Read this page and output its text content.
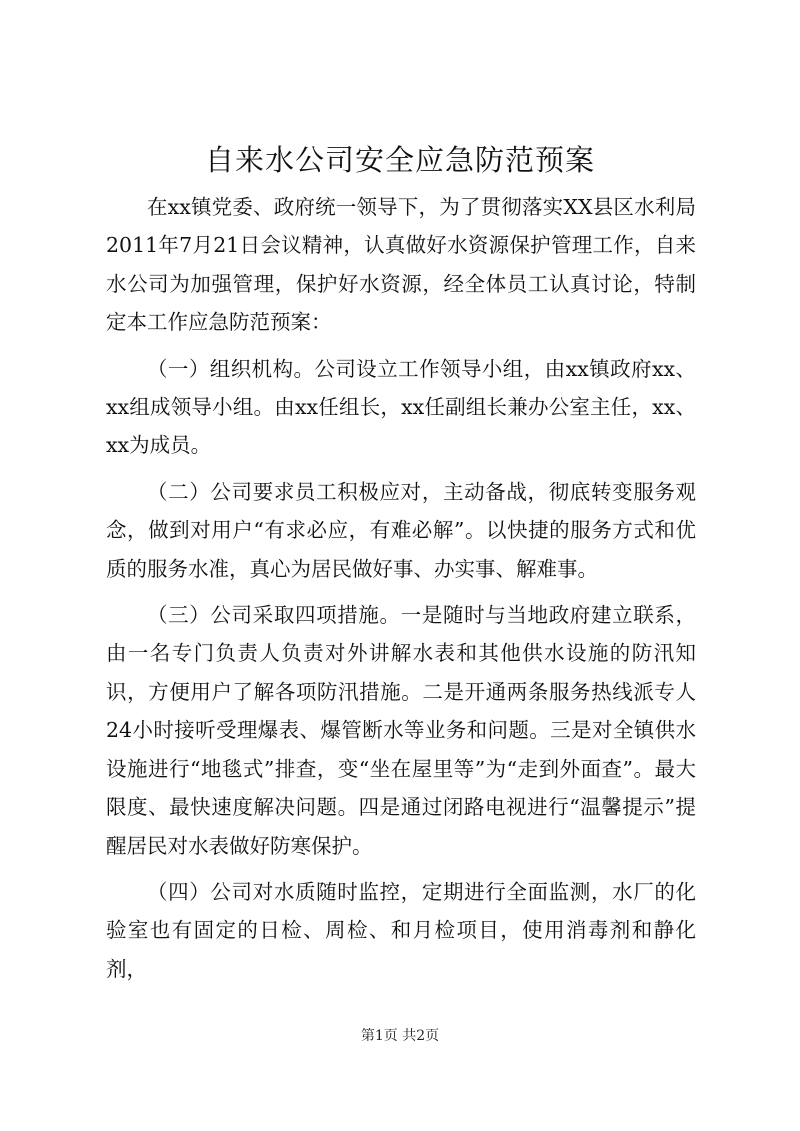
自来水公司安全应急防范预案

在xx镇党委、政府统一领导下，为了贯彻落实XX县区水利局2011年7月21日会议精神，认真做好水资源保护管理工作，自来水公司为加强管理，保护好水资源，经全体员工认真讨论，特制定本工作应急防范预案：

（一）组织机构。公司设立工作领导小组，由xx镇政府xx、xx组成领导小组。由xx任组长，xx任副组长兼办公室主任，xx、xx为成员。

（二）公司要求员工积极应对，主动备战，彻底转变服务观念，做到对用户“有求必应，有难必解”。以快捷的服务方式和优质的服务水准，真心为居民做好事、办实事、解难事。

（三）公司采取四项措施。一是随时与当地政府建立联系，由一名专门负责人负责对外讲解水表和其他供水设施的防汛知识，方便用户了解各项防汛措施。二是开通两条服务热线派专人24小时接听受理爆表、爆管断水等业务和问题。三是对全镇供水设施进行“地毯式”排查，变“坐在屋里等”为“走到外面查”。最大限度、最快速度解决问题。四是通过闭路电视进行“温馨提示”提醒居民对水表做好防寒保护。

（四）公司对水质随时监控，定期进行全面监测，水厂的化验室也有固定的日检、周检、和月检项目，使用消毒剂和静化剂，

第1页 共2页
